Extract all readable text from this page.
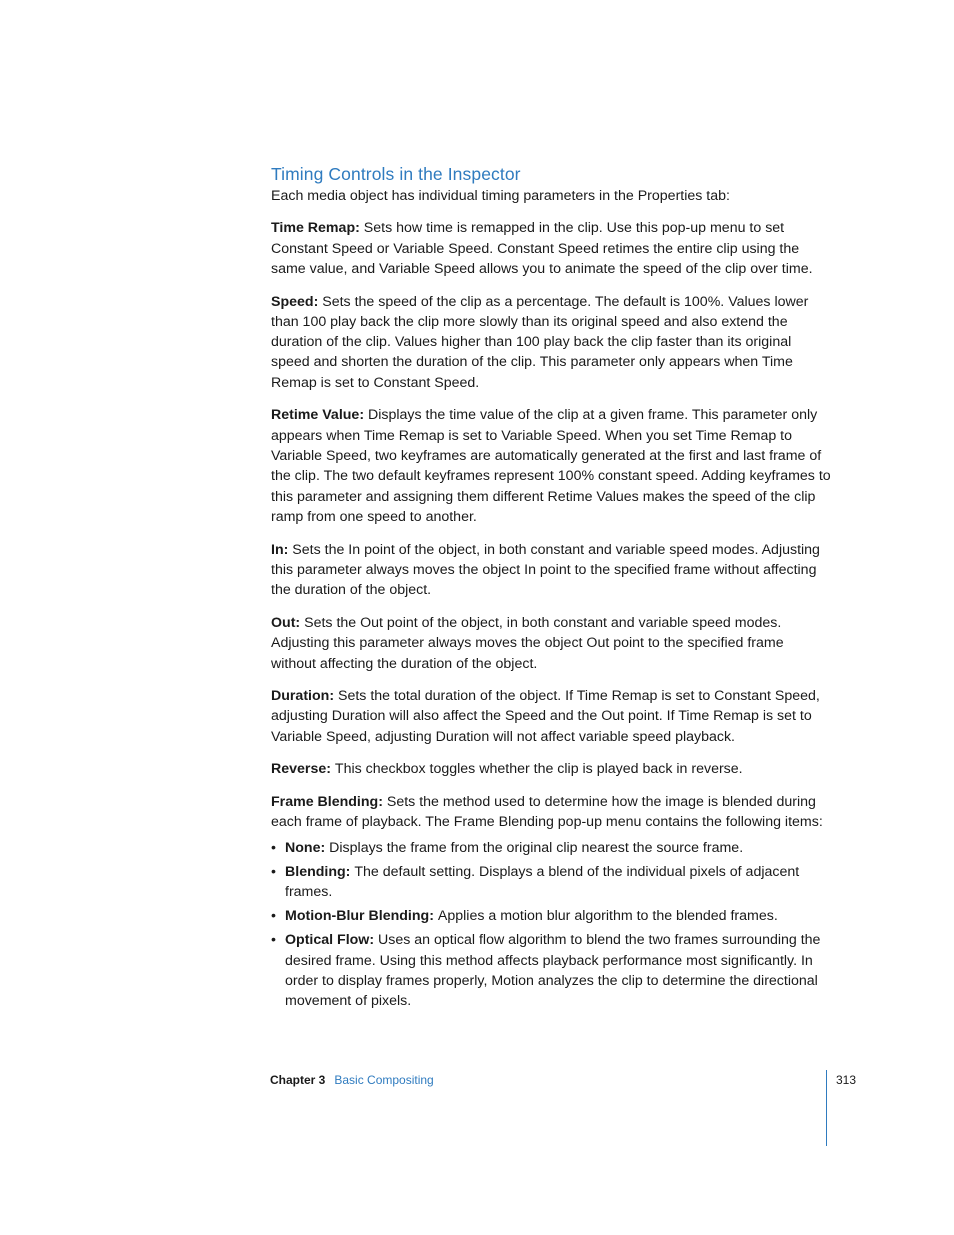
Timing Controls in the Inspector

Each media object has individual timing parameters in the Properties tab:

Time Remap: Sets how time is remapped in the clip. Use this pop-up menu to set Constant Speed or Variable Speed. Constant Speed retimes the entire clip using the same value, and Variable Speed allows you to animate the speed of the clip over time.

Speed: Sets the speed of the clip as a percentage. The default is 100%. Values lower than 100 play back the clip more slowly than its original speed and also extend the duration of the clip. Values higher than 100 play back the clip faster than its original speed and shorten the duration of the clip. This parameter only appears when Time Remap is set to Constant Speed.

Retime Value: Displays the time value of the clip at a given frame. This parameter only appears when Time Remap is set to Variable Speed. When you set Time Remap to Variable Speed, two keyframes are automatically generated at the first and last frame of the clip. The two default keyframes represent 100% constant speed. Adding keyframes to this parameter and assigning them different Retime Values makes the speed of the clip ramp from one speed to another.

In: Sets the In point of the object, in both constant and variable speed modes. Adjusting this parameter always moves the object In point to the specified frame without affecting the duration of the object.

Out: Sets the Out point of the object, in both constant and variable speed modes. Adjusting this parameter always moves the object Out point to the specified frame without affecting the duration of the object.

Duration: Sets the total duration of the object. If Time Remap is set to Constant Speed, adjusting Duration will also affect the Speed and the Out point. If Time Remap is set to Variable Speed, adjusting Duration will not affect variable speed playback.

Reverse: This checkbox toggles whether the clip is played back in reverse.

Frame Blending: Sets the method used to determine how the image is blended during each frame of playback. The Frame Blending pop-up menu contains the following items:

• None: Displays the frame from the original clip nearest the source frame.
• Blending: The default setting. Displays a blend of the individual pixels of adjacent frames.
• Motion-Blur Blending: Applies a motion blur algorithm to the blended frames.
• Optical Flow: Uses an optical flow algorithm to blend the two frames surrounding the desired frame. Using this method affects playback performance most significantly. In order to display frames properly, Motion analyzes the clip to determine the directional movement of pixels.
Chapter 3 Basic Compositing	313
